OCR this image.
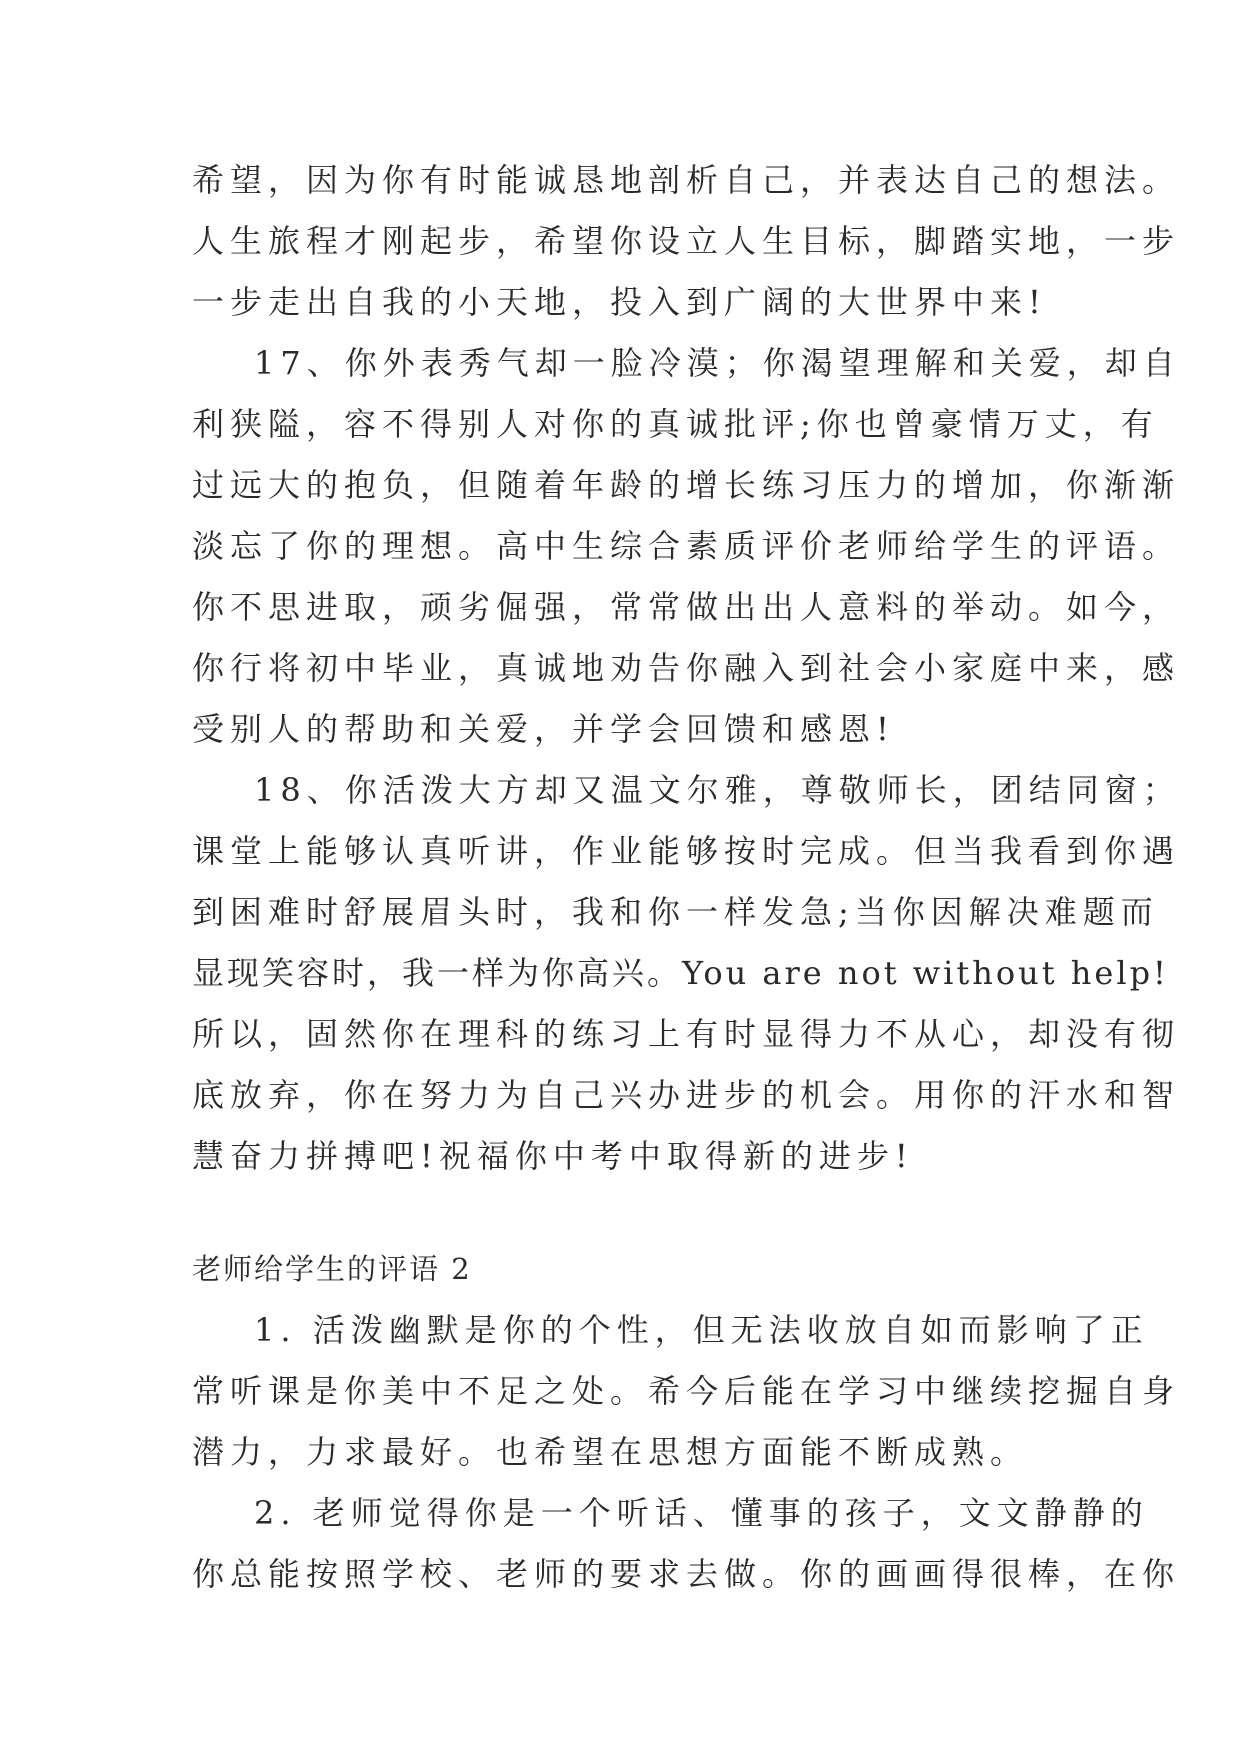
希望，因为你有时能诚恳地剖析自己，并表达自己的想法。
人生旅程才刚起步，希望你设立人生目标，脚踏实地，一步
一步走出自我的小天地，投入到广阔的大世界中来!
17、你外表秀气却一脸冷漠；你渴望理解和关爱，却自
利狭隘，容不得别人对你的真诚批评;你也曾豪情万丈，有
过远大的抱负，但随着年龄的增长练习压力的增加，你渐渐
淡忘了你的理想。高中生综合素质评价老师给学生的评语。
你不思进取，顽劣倔强，常常做出出人意料的举动。如今，
你行将初中毕业，真诚地劝告你融入到社会小家庭中来，感
受别人的帮助和关爱，并学会回馈和感恩!
18、你活泼大方却又温文尔雅，尊敬师长，团结同窗；
课堂上能够认真听讲，作业能够按时完成。但当我看到你遇
到困难时舒展眉头时，我和你一样发急;当你因解决难题而
显现笑容时，我一样为你高兴。You are not without help!
所以，固然你在理科的练习上有时显得力不从心，却没有彻
底放弃，你在努力为自己兴办进步的机会。用你的汗水和智
慧奋力拼搏吧!祝福你中考中取得新的进步!
老师给学生的评语 2
1. 活泼幽默是你的个性，但无法收放自如而影响了正
常听课是你美中不足之处。希今后能在学习中继续挖掘自身
潜力，力求最好。也希望在思想方面能不断成熟。
2. 老师觉得你是一个听话、懂事的孩子，文文静静的
你总能按照学校、老师的要求去做。你的画画得很棒，在你
